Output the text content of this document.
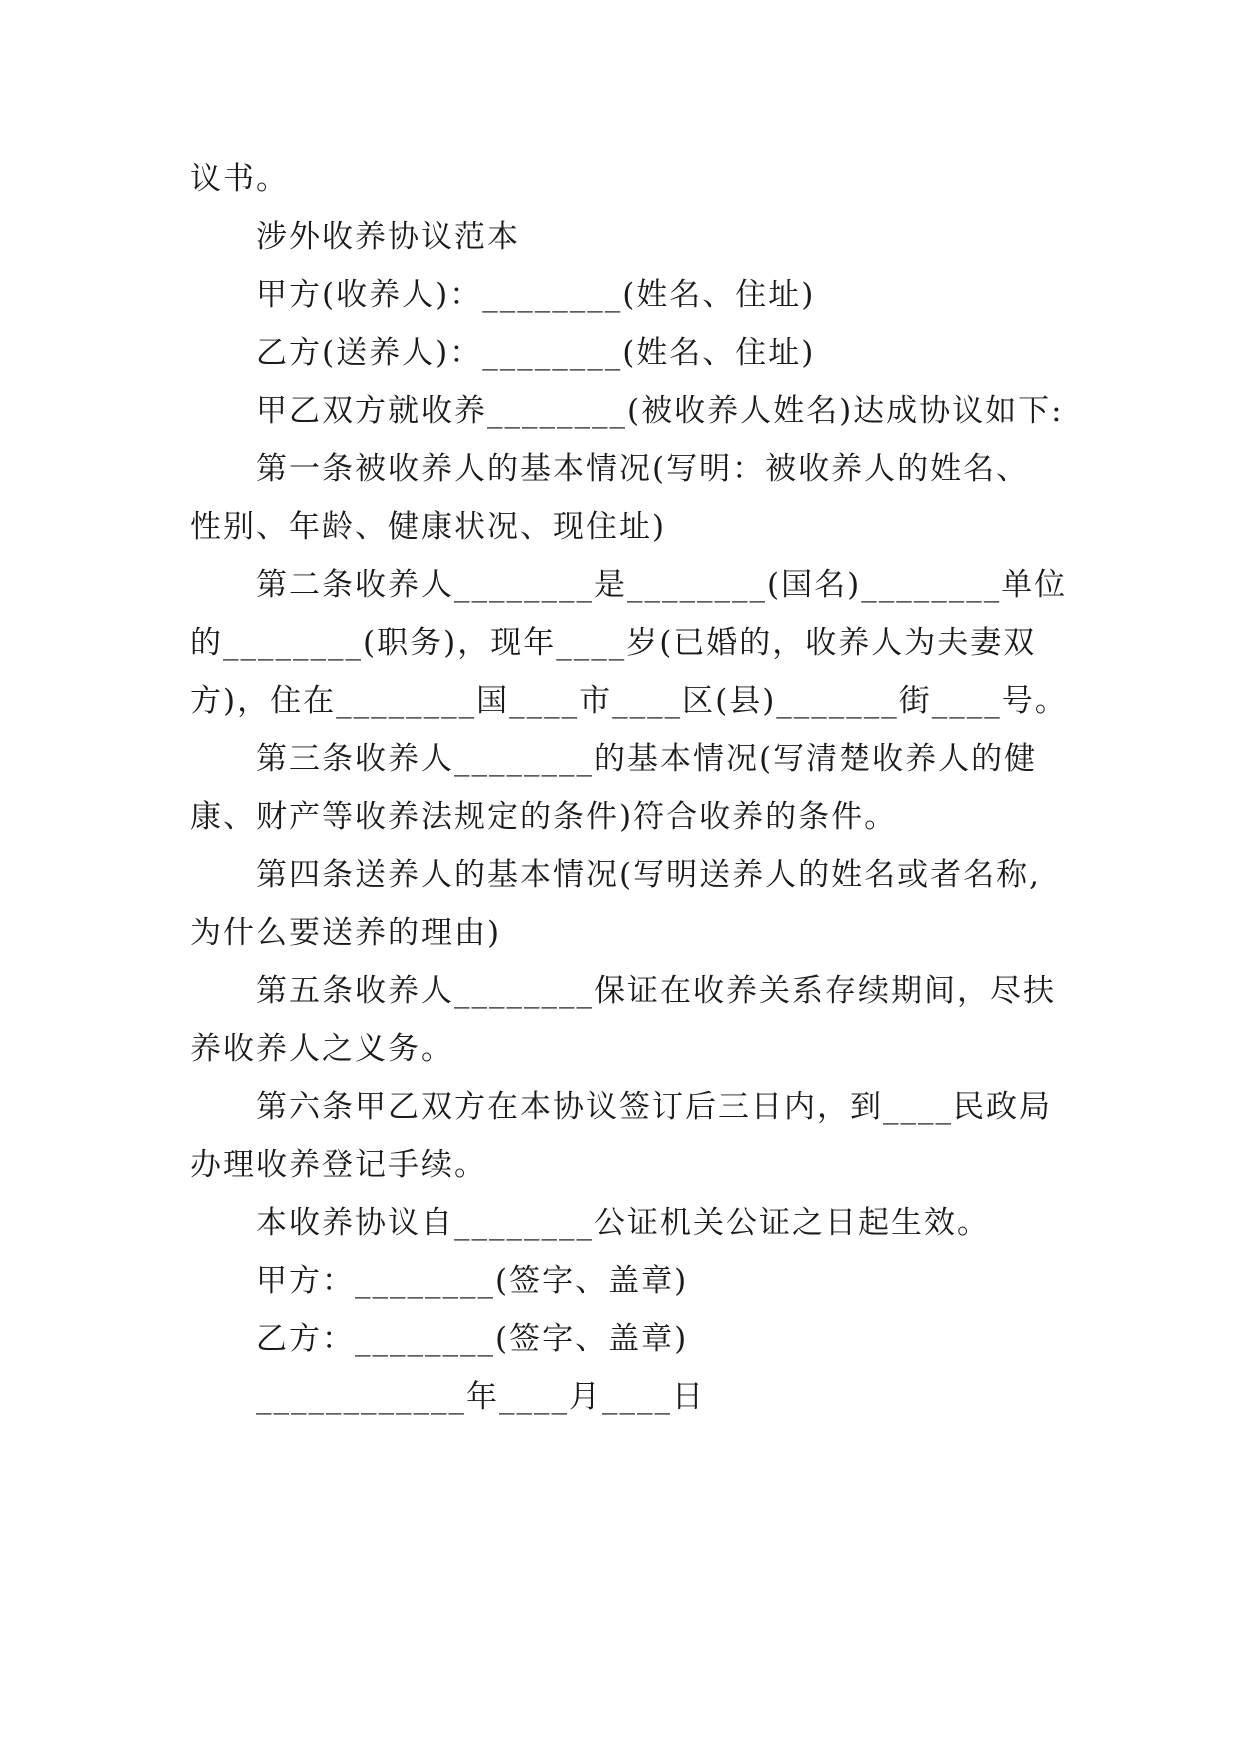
议书。
涉外收养协议范本
甲方(收养人)：________(姓名、住址)
乙方(送养人)：________(姓名、住址)
甲乙双方就收养________(被收养人姓名)达成协议如下:
第一条被收养人的基本情况(写明：被收养人的姓名、
性别、年龄、健康状况、现住址)
第二条收养人________是________(国名)________单位
的________(职务)，现年____岁(已婚的，收养人为夫妻双
方)，住在________国____市____区(县)_______街____号。
第三条收养人________的基本情况(写清楚收养人的健
康、财产等收养法规定的条件)符合收养的条件。
第四条送养人的基本情况(写明送养人的姓名或者名称,
为什么要送养的理由)
第五条收养人________保证在收养关系存续期间，尽扶
养收养人之义务。
第六条甲乙双方在本协议签订后三日内，到____民政局
办理收养登记手续。
本收养协议自________公证机关公证之日起生效。
甲方：________(签字、盖章)
乙方：________(签字、盖章)
____________年____月____日
